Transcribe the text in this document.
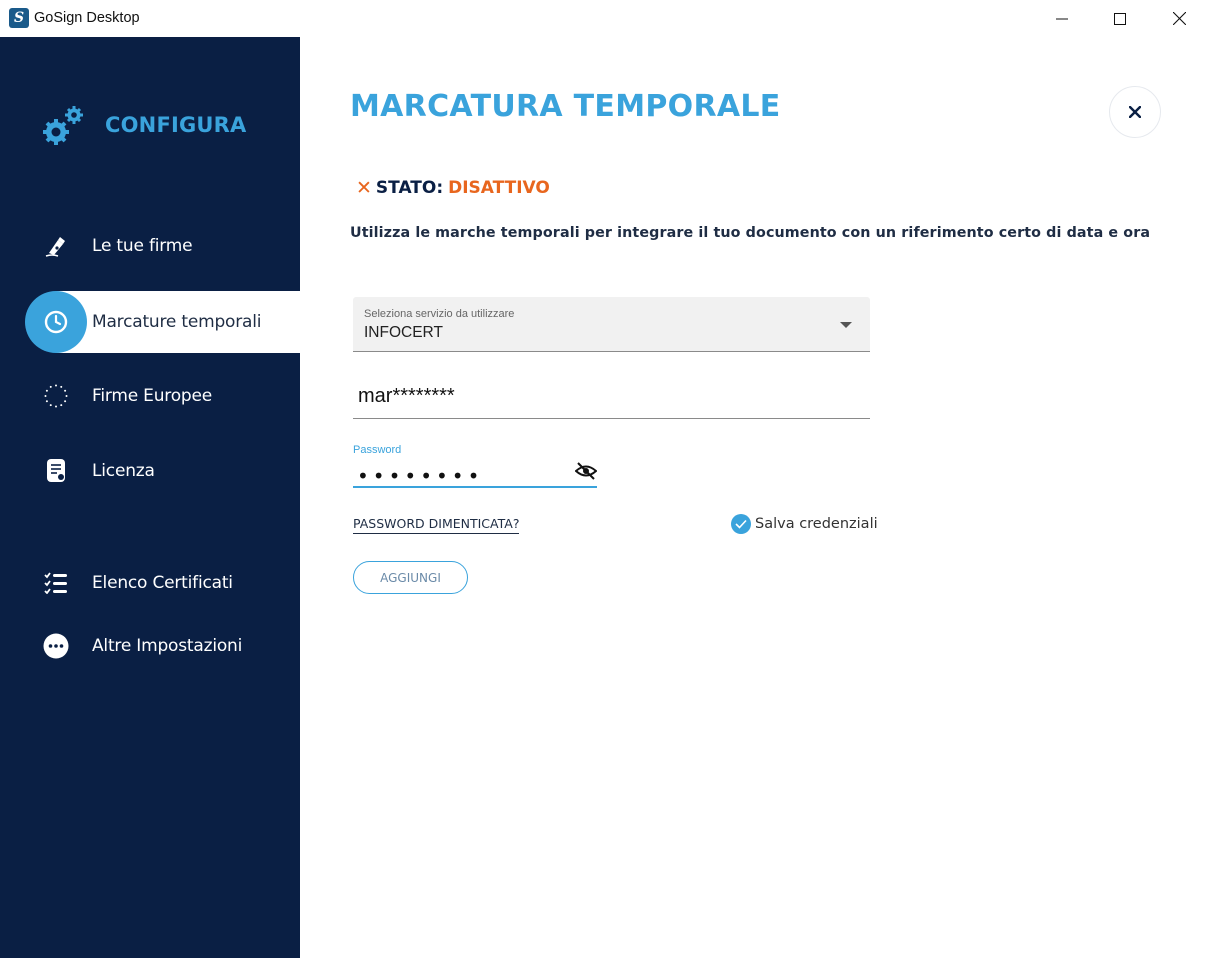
S GoSign Desktop
CONFIGURA
Le tue firme
Marcature temporali
Firme Europee
Licenza
Elenco Certificati
Altre Impostazioni
MARCATURA TEMPORALE
✕ STATO: DISATTIVO

Utilizza le marche temporali per integrare il tuo documento con un riferimento certo di data e ora

Seleziona servizio da utilizzare
INFOCERT
mar********
Password
••••••••
PASSWORD DIMENTICATA?	Salva credenziali
AGGIUNGI
